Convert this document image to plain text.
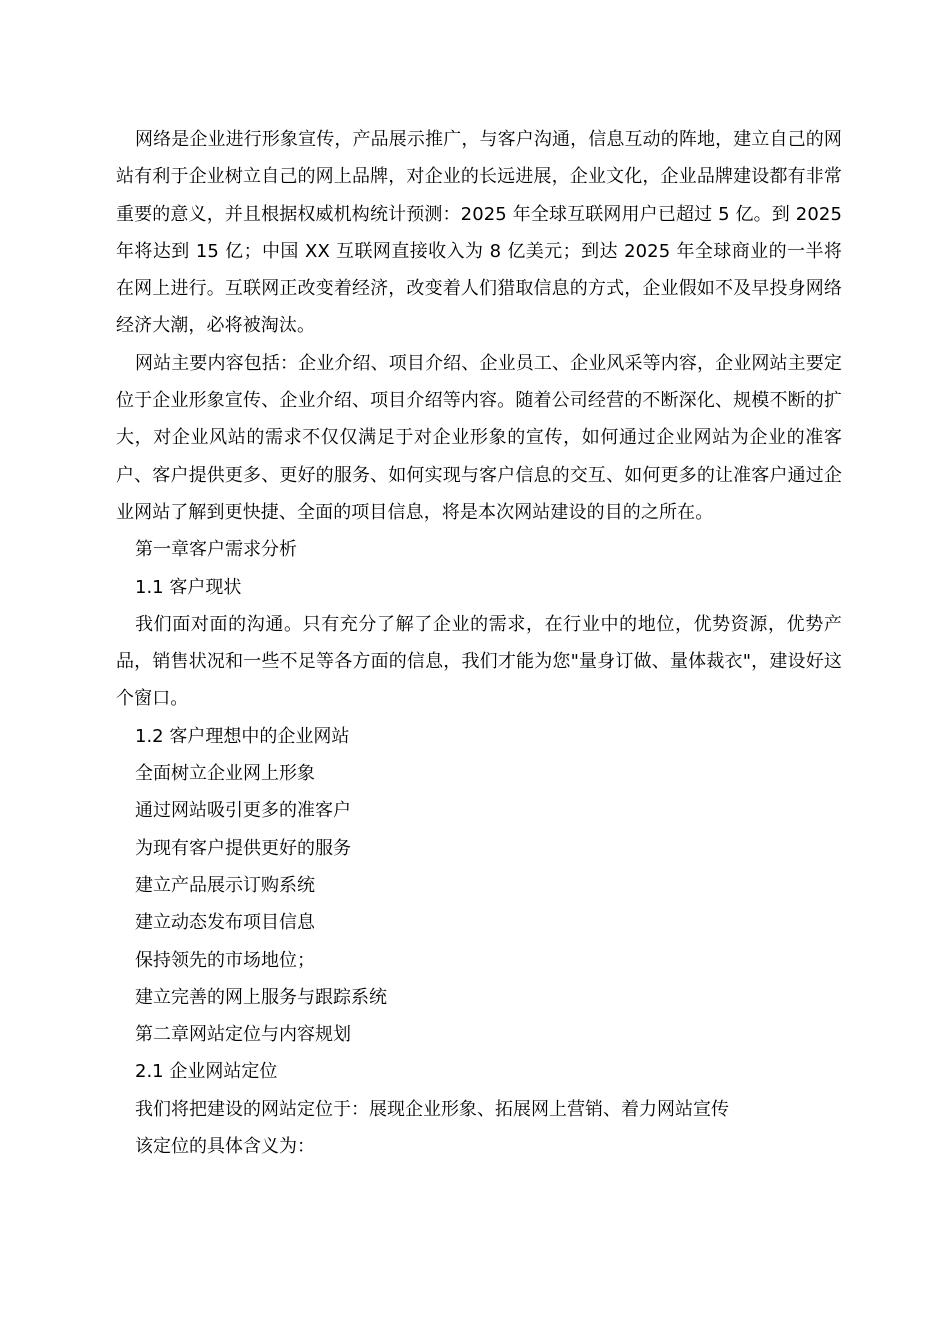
网络是企业进行形象宣传，产品展示推广，与客户沟通，信息互动的阵地，建立自己的网站有利于企业树立自己的网上品牌，对企业的长远进展，企业文化，企业品牌建设都有非常重要的意义，并且根据权威机构统计预测：2025 年全球互联网用户已超过 5 亿。到 2025 年将达到 15 亿；中国 XX 互联网直接收入为 8 亿美元；到达 2025 年全球商业的一半将在网上进行。互联网正改变着经济，改变着人们猎取信息的方式，企业假如不及早投身网络经济大潮，必将被淘汰。

网站主要内容包括：企业介绍、项目介绍、企业员工、企业风采等内容，企业网站主要定位于企业形象宣传、企业介绍、项目介绍等内容。随着公司经营的不断深化、规模不断的扩大，对企业风站的需求不仅仅满足于对企业形象的宣传，如何通过企业网站为企业的准客户、客户提供更多、更好的服务、如何实现与客户信息的交互、如何更多的让准客户通过企业网站了解到更快捷、全面的项目信息，将是本次网站建设的目的之所在。

第一章客户需求分析

1.1 客户现状

我们面对面的沟通。只有充分了解了企业的需求，在行业中的地位，优势资源，优势产品，销售状况和一些不足等各方面的信息，我们才能为您"量身订做、量体裁衣"，建设好这个窗口。

1.2 客户理想中的企业网站

全面树立企业网上形象

通过网站吸引更多的准客户

为现有客户提供更好的服务

建立产品展示订购系统

建立动态发布项目信息

保持领先的市场地位；

建立完善的网上服务与跟踪系统

第二章网站定位与内容规划

2.1 企业网站定位

我们将把建设的网站定位于：展现企业形象、拓展网上营销、着力网站宣传

该定位的具体含义为：
